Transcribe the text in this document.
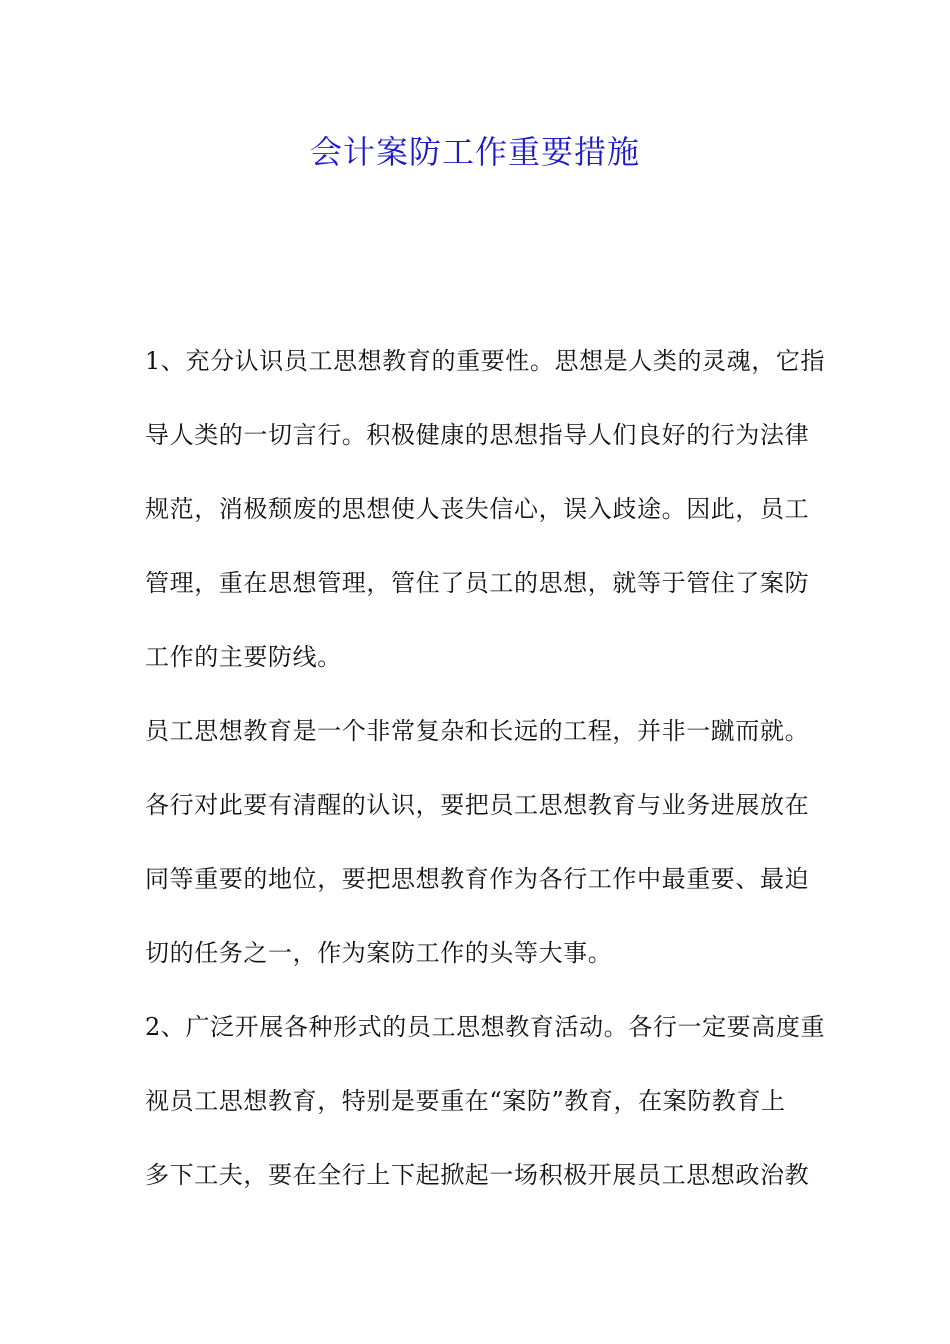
会计案防工作重要措施
1、充分认识员工思想教育的重要性。思想是人类的灵魂，它指
导人类的一切言行。积极健康的思想指导人们良好的行为法律
规范，消极颓废的思想使人丧失信心，误入歧途。因此，员工
管理，重在思想管理，管住了员工的思想，就等于管住了案防
工作的主要防线。
员工思想教育是一个非常复杂和长远的工程，并非一蹴而就。
各行对此要有清醒的认识，要把员工思想教育与业务进展放在
同等重要的地位，要把思想教育作为各行工作中最重要、最迫
切的任务之一，作为案防工作的头等大事。
2、广泛开展各种形式的员工思想教育活动。各行一定要高度重
视员工思想教育，特别是要重在“案防”教育，在案防教育上
多下工夫，要在全行上下起掀起一场积极开展员工思想政治教
